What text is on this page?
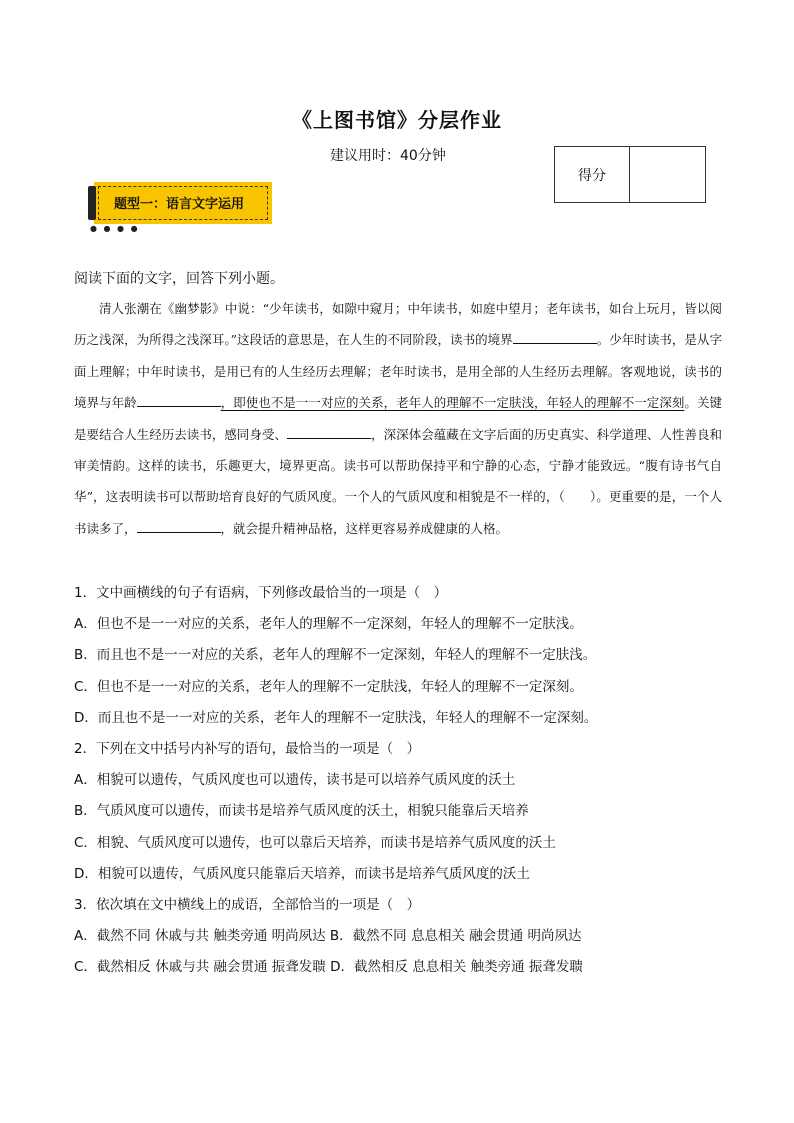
《上图书馆》分层作业
建议用时：40分钟
得分
题型一：语言文字运用
● ● ● ●
阅读下面的文字，回答下列小题。

清人张潮在《幽梦影》中说：“少年读书，如隙中窥月；中年读书，如庭中望月；老年读书，如台上玩月，皆以阅历之浅深，为所得之浅深耳。”这段话的意思是，在人生的不同阶段，读书的境界	。少年时读书，是从字面上理解；中年时读书，是用已有的人生经历去理解；老年时读书，是用全部的人生经历去理解。客观地说，读书的境界与年龄	，即使也不是一一对应的关系，老年人的理解不一定肤浅，年轻人的理解不一定深刻。关键是要结合人生经历去读书，感同身受、	，深深体会蕴藏在文字后面的历史真实、科学道理、人性善良和审美情韵。这样的读书，乐趣更大，境界更高。读书可以帮助保持平和宁静的心态，宁静才能致远。“腹有诗书气自华”，这表明读书可以帮助培育良好的气质风度。一个人的气质风度和相貌是不一样的，（　　）。更重要的是，一个人书读多了，	，就会提升精神品格，这样更容易养成健康的人格。

1．文中画横线的句子有语病，下列修改最恰当的一项是（　）
A．但也不是一一对应的关系，老年人的理解不一定深刻，年轻人的理解不一定肤浅。
B．而且也不是一一对应的关系，老年人的理解不一定深刻，年轻人的理解不一定肤浅。
C．但也不是一一对应的关系，老年人的理解不一定肤浅，年轻人的理解不一定深刻。
D．而且也不是一一对应的关系，老年人的理解不一定肤浅，年轻人的理解不一定深刻。
2．下列在文中括号内补写的语句，最恰当的一项是（　）
A．相貌可以遗传，气质风度也可以遗传，读书是可以培养气质风度的沃土
B．气质风度可以遗传，而读书是培养气质风度的沃土，相貌只能靠后天培养
C．相貌、气质风度可以遗传，也可以靠后天培养，而读书是培养气质风度的沃土
D．相貌可以遗传，气质风度只能靠后天培养，而读书是培养气质风度的沃土
3．依次填在文中横线上的成语，全部恰当的一项是（　）
A．截然不同 休戚与共 触类旁通 明尚夙达 B．截然不同 息息相关 融会贯通 明尚夙达
C．截然相反 休戚与共 融会贯通 振聋发聩 D．截然相反 息息相关 触类旁通 振聋发聩
